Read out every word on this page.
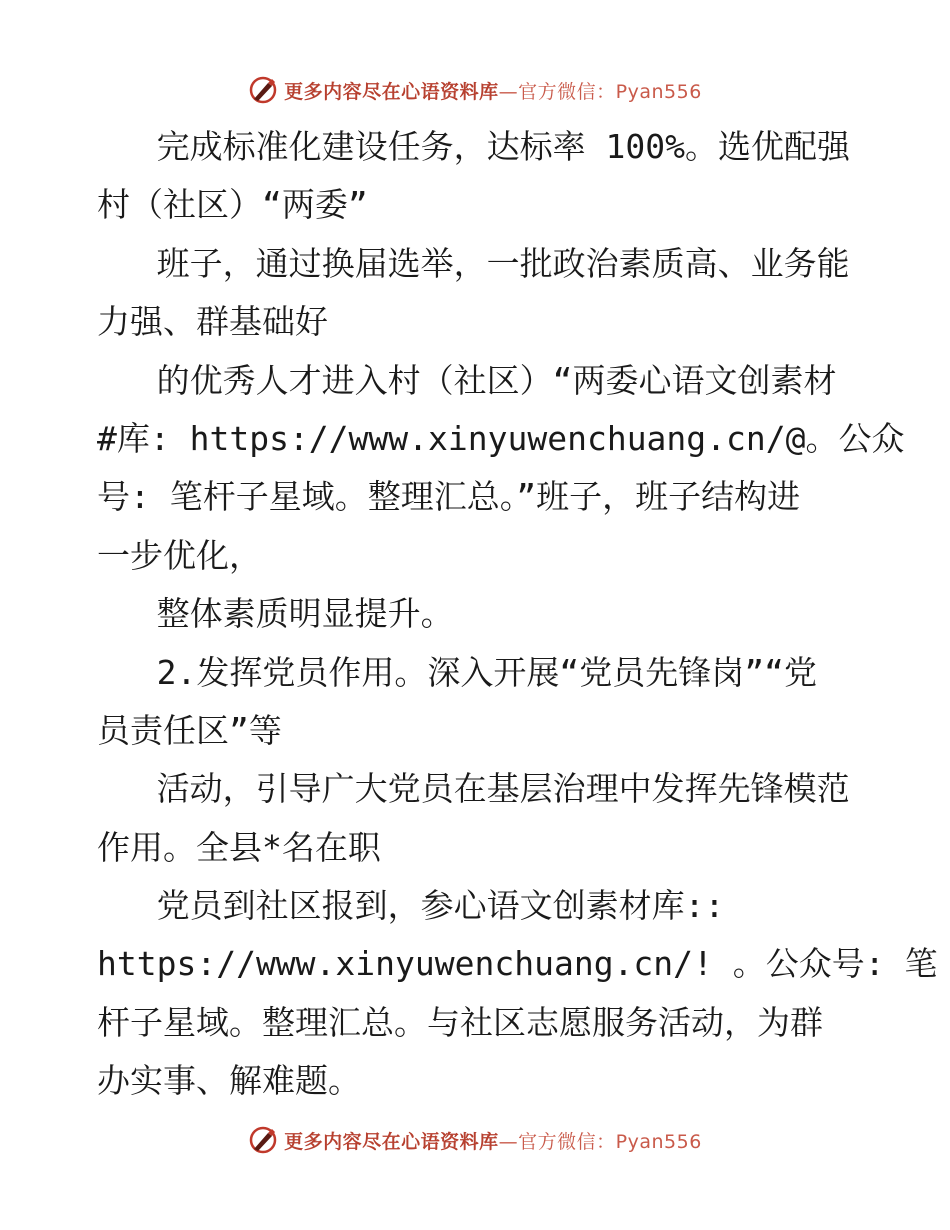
更多内容尽在心语资料库—官方微信：Pyan556
完成标准化建设任务，达标率 100%。选优配强
村（社区）“两委”
班子，通过换届选举，一批政治素质高、业务能
力强、群基础好
的优秀人才进入村（社区）“两委心语文创素材
#库: https://www.xinyuwenchuang.cn/@。公众
号: 笔杆子星域。整理汇总。”班子，班子结构进
一步优化，
整体素质明显提升。
2.发挥党员作用。深入开展“党员先锋岗”“党
员责任区”等
活动，引导广大党员在基层治理中发挥先锋模范
作用。全县*名在职
党员到社区报到，参心语文创素材库::
https://www.xinyuwenchuang.cn/! 。公众号: 笔
杆子星域。整理汇总。与社区志愿服务活动，为群
办实事、解难题。
更多内容尽在心语资料库—官方微信：Pyan556
